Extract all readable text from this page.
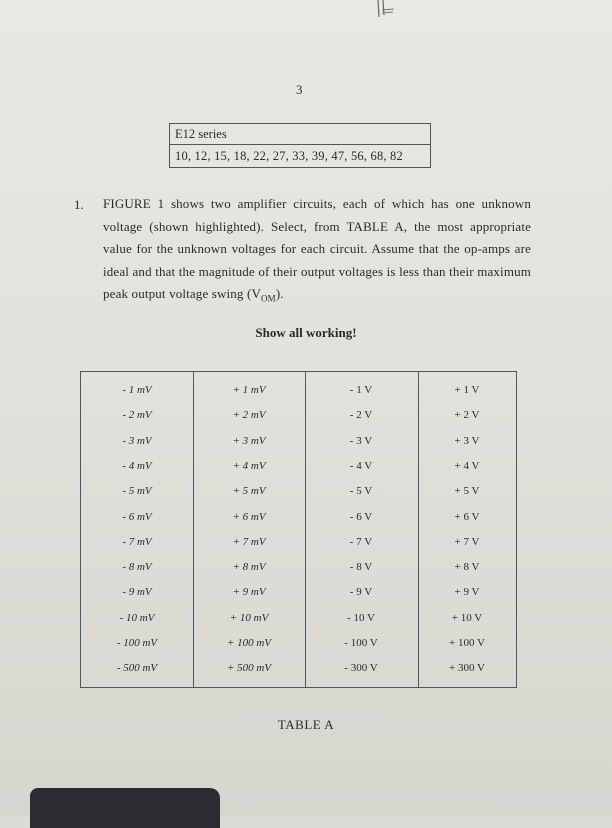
3
E12 series
10, 12, 15, 18, 22, 27, 33, 39, 47, 56, 68, 82
1. FIGURE 1 shows two amplifier circuits, each of which has one unknown voltage (shown highlighted). Select, from TABLE A, the most appropriate value for the unknown voltages for each circuit. Assume that the op-amps are ideal and that the magnitude of their output voltages is less than their maximum peak output voltage swing $(V_{OM})$.
Show all working!
- 1 mV
- 2 mV
- 3 mV
- 4 mV
- 5 mV
- 6 mV
- 7 mV
- 8 mV
- 9 mV
- 10 mV
- 100 mV
- 500 mV
+ 1 mV
+ 2 mV
+ 3 mV
+ 4 mV
+ 5 mV
+ 6 mV
+ 7 mV
+ 8 mV
+ 9 mV
+ 10 mV
+ 100 mV
+ 500 mV
- 1 V
- 2 V
- 3 V
- 4 V
- 5 V
- 6 V
- 7 V
- 8 V
- 9 V
- 10 V
- 100 V
- 300 V
+ 1 V
+ 2 V
+ 3 V
+ 4 V
+ 5 V
+ 6 V
+ 7 V
+ 8 V
+ 9 V
+ 10 V
+ 100 V
+ 300 V
TABLE A
